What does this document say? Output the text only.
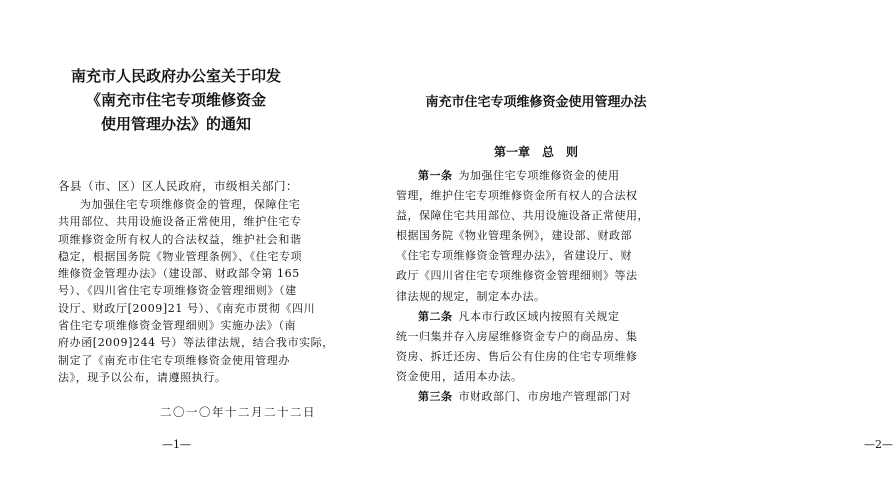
南充市人民政府办公室关于印发
《南充市住宅专项维修资金
使用管理办法》的通知
各县（市、区）区人民政府，市级相关部门：
为加强住宅专项维修资金的管理，保障住宅
共用部位、共用设施设备正常使用，维护住宅专
项维修资金所有权人的合法权益，维护社会和谐
稳定，根据国务院《物业管理条例》、《住宅专项
维修资金管理办法》（建设部、财政部令第 165
号）、《四川省住宅专项维修资金管理细则》（建
设厅、财政厅[2009]21 号）、《南充市贯彻《四川
省住宅专项维修资金管理细则》实施办法》（南
府办函[2009]244 号）等法律法规，结合我市实际，
制定了《南充市住宅专项维修资金使用管理办
法》，现予以公布，请遵照执行。
二〇一〇年十二月二十二日
—1—
南充市住宅专项维修资金使用管理办法
第一章　总　则
第一条 为加强住宅专项维修资金的使用
管理，维护住宅专项维修资金所有权人的合法权
益，保障住宅共用部位、共用设施设备正常使用，
根据国务院《物业管理条例》，建设部、财政部
《住宅专项维修资金管理办法》，省建设厅、财
政厅《四川省住宅专项维修资金管理细则》等法
律法规的规定，制定本办法。
第二条 凡本市行政区域内按照有关规定
统一归集并存入房屋维修资金专户的商品房、集
资房、拆迁还房、售后公有住房的住宅专项维修
资金使用，适用本办法。
第三条 市财政部门、市房地产管理部门对
—2—
